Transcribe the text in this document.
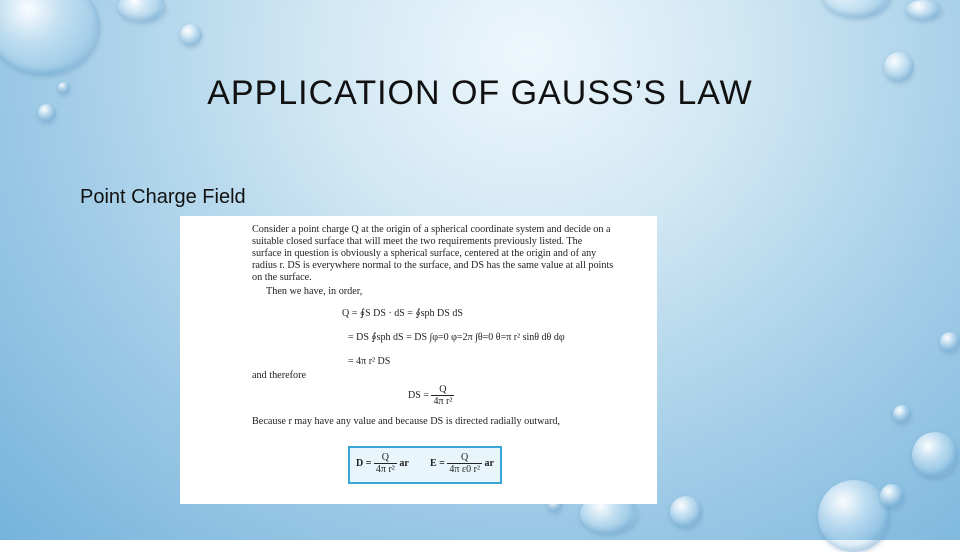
APPLICATION OF GAUSS’S LAW

Point Charge Field

Consider a point charge Q at the origin of a spherical coordinate system and decide on a suitable closed surface that will meet the two requirements previously listed. The surface in question is obviously a spherical surface, centered at the origin and of any radius r. DS is everywhere normal to the surface, and DS has the same value at all points on the surface.

Then we have, in order,

Q = ∮S DS · dS = ∮sph DS dS
= DS ∮sph dS = DS ∫φ=0 φ=2π ∫θ=0 θ=π r² sinθ dθ dφ
= 4π r² DS

and therefore

DS = $\frac{Q}{\text{4π r²}}$

Because r may have any value and because DS is directed radially outward,

$D = \frac{Q}{\text{4π r²}}$ ar $E = \frac{Q}{\text{4π ε0 r²}}$ ar
